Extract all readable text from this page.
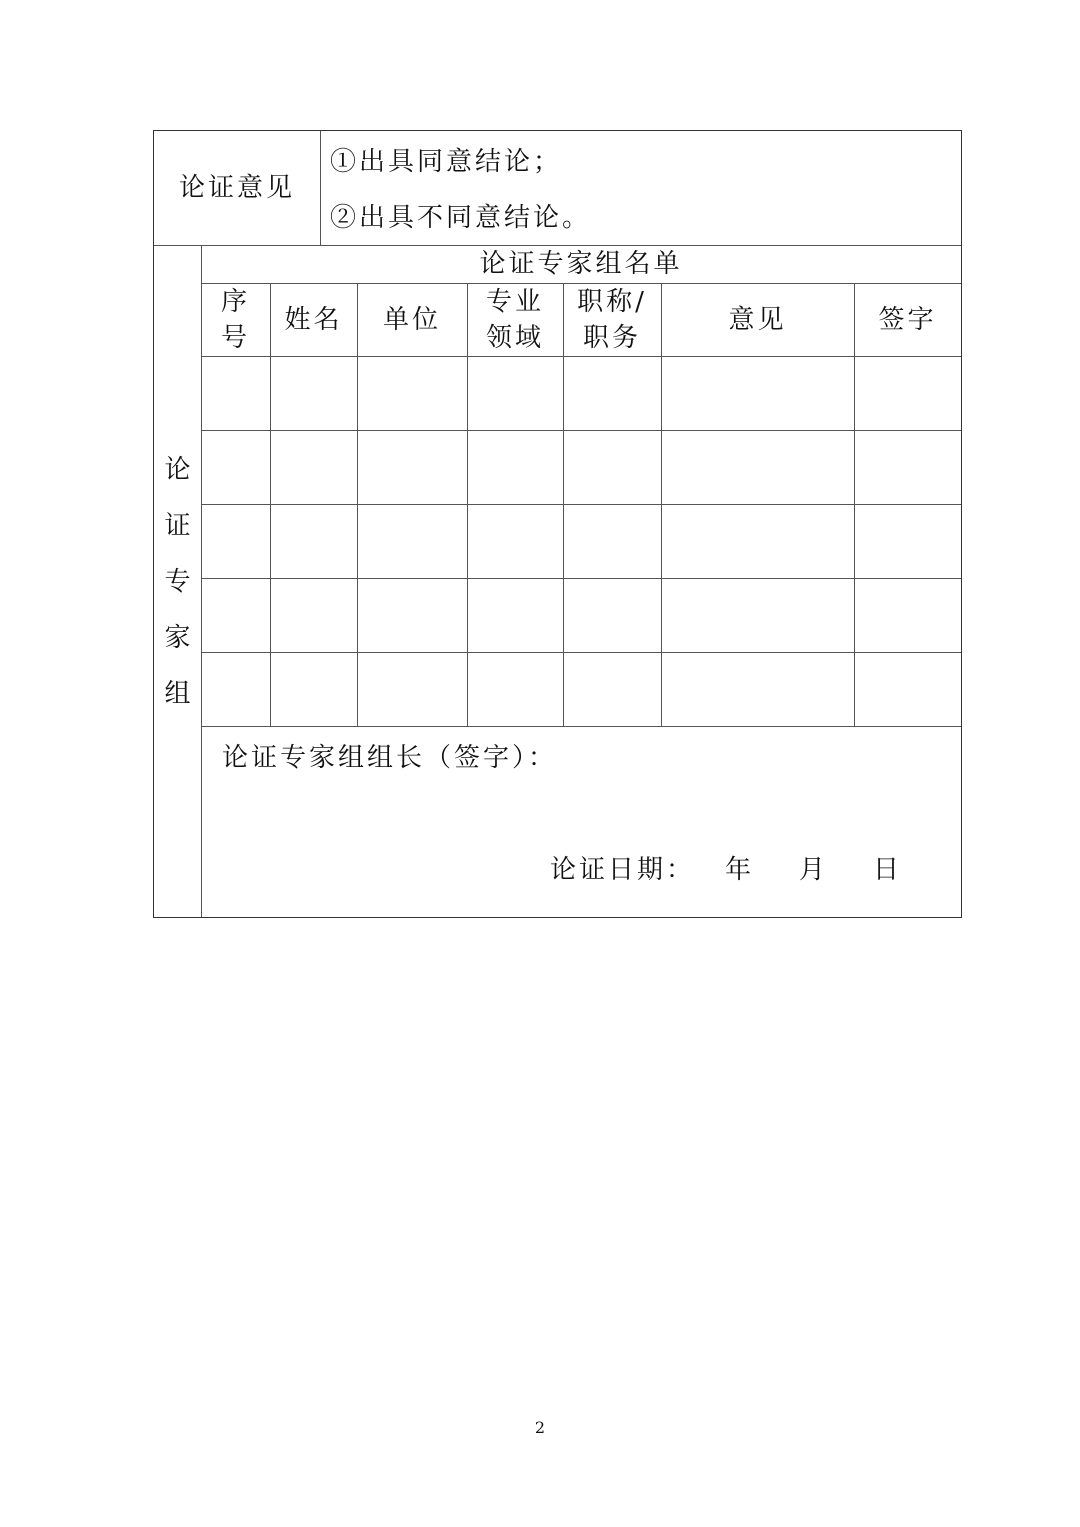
论证意见
①出具同意结论；
②出具不同意结论。
论
证
专
家
组
论证专家组名单
序
号
姓名	单位
专业
领域
职称/
职务
意见	签字
论证专家组组长（签字）：
论证日期： 年 月 日
2
